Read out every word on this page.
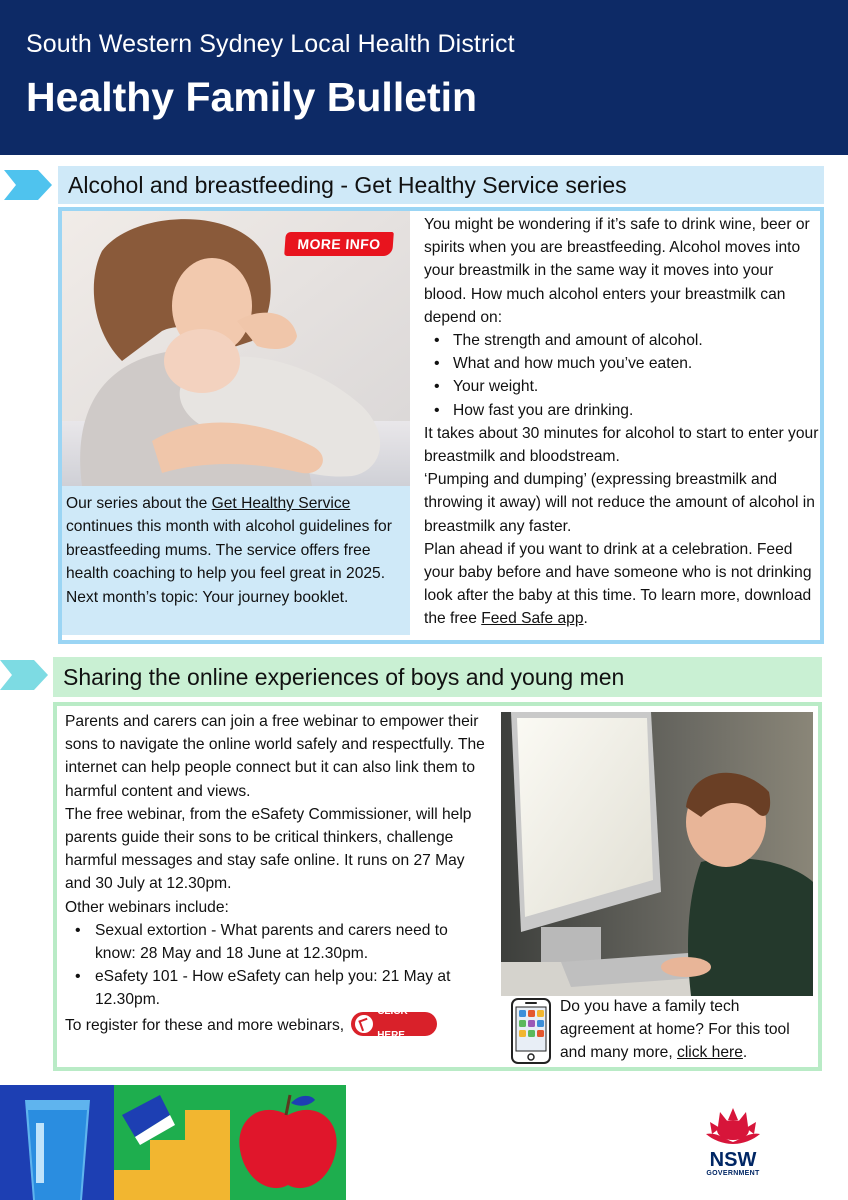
South Western Sydney Local Health District
Healthy Family Bulletin
Alcohol and breastfeeding - Get Healthy Service series
MORE INFO
Our series about the Get Healthy Service continues this month with alcohol guidelines for breastfeeding mums. The service offers free health coaching to help you feel great in 2025. Next month’s topic: Your journey booklet.
You might be wondering if it’s safe to drink wine, beer or spirits when you are breastfeeding. Alcohol moves into your breastmilk in the same way it moves into your blood. How much alcohol enters your breastmilk can depend on:
• The strength and amount of alcohol.
• What and how much you’ve eaten.
• Your weight.
• How fast you are drinking.
It takes about 30 minutes for alcohol to start to enter your breastmilk and bloodstream.
‘Pumping and dumping’ (expressing breastmilk and throwing it away) will not reduce the amount of alcohol in breastmilk any faster.
Plan ahead if you want to drink at a celebration. Feed your baby before and have someone who is not drinking look after the baby at this time. To learn more, download the free Feed Safe app.
Sharing the online experiences of boys and young men
Parents and carers can join a free webinar to empower their sons to navigate the online world safely and respectfully. The internet can help people connect but it can also link them to harmful content and views.
The free webinar, from the eSafety Commissioner, will help parents guide their sons to be critical thinkers, challenge harmful messages and stay safe online. It runs on 27 May and 30 July at 12.30pm.
Other webinars include:
• Sexual extortion - What parents and carers need to know: 28 May and 18 June at 12.30pm.
• eSafety 101 - How eSafety can help you: 21 May at 12.30pm.
To register for these and more webinars,
CLICK HERE
Do you have a family tech agreement at home? For this tool and many more, click here.
NSW
GOVERNMENT
